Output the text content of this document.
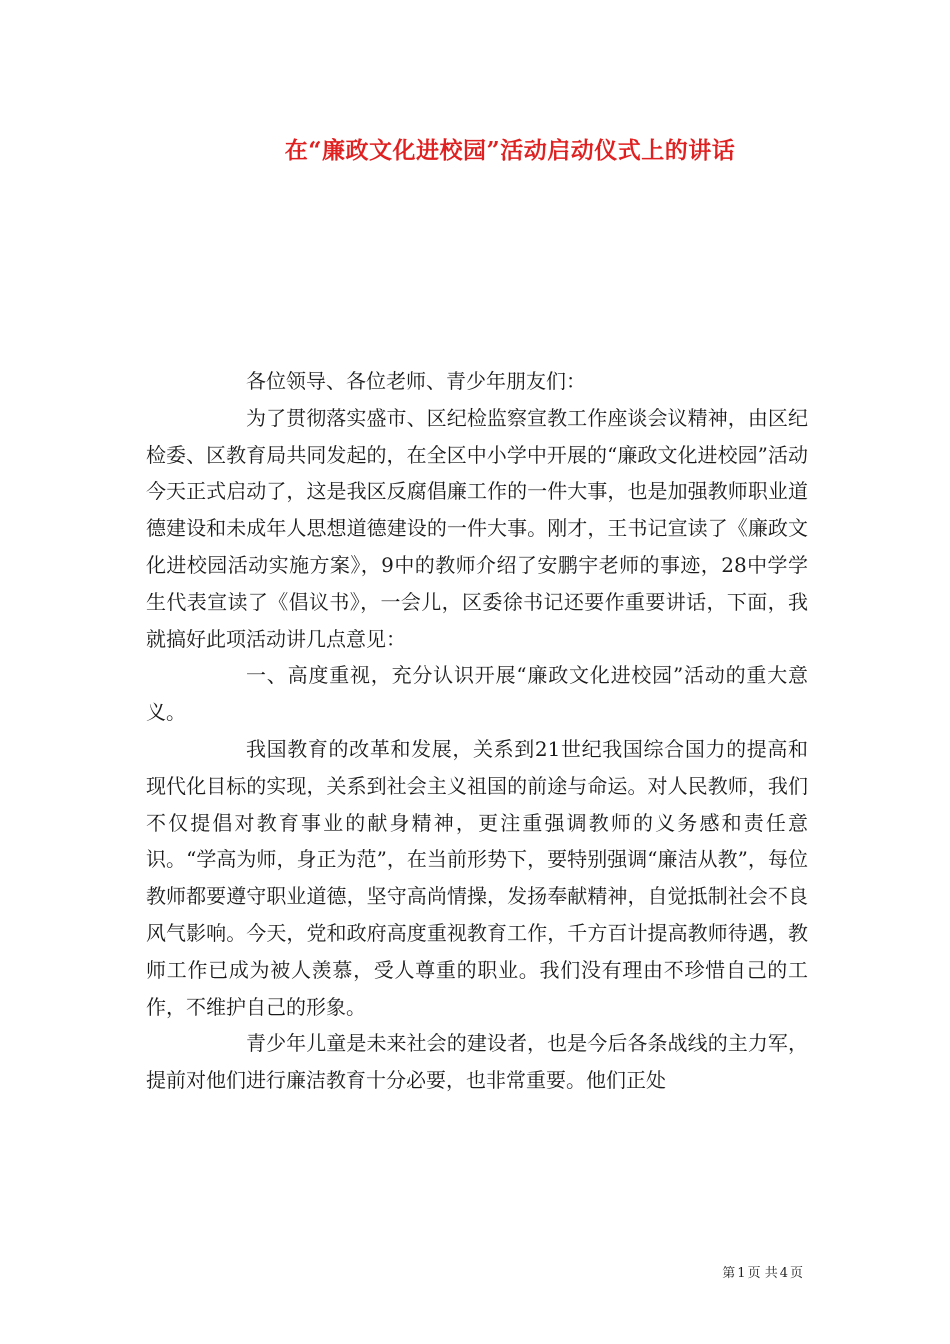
在“廉政文化进校园”活动启动仪式上的讲话

各位领导、各位老师、青少年朋友们：

为了贯彻落实盛市、区纪检监察宣教工作座谈会议精神，由区纪检委、区教育局共同发起的，在全区中小学中开展的“廉政文化进校园”活动今天正式启动了，这是我区反腐倡廉工作的一件大事，也是加强教师职业道德建设和未成年人思想道德建设的一件大事。刚才，王书记宣读了《廉政文化进校园活动实施方案》，9中的教师介绍了安鹏宇老师的事迹，28中学学生代表宣读了《倡议书》，一会儿，区委徐书记还要作重要讲话，下面，我就搞好此项活动讲几点意见：

一、高度重视，充分认识开展“廉政文化进校园”活动的重大意义。

我国教育的改革和发展，关系到21世纪我国综合国力的提高和现代化目标的实现，关系到社会主义祖国的前途与命运。对人民教师，我们不仅提倡对教育事业的献身精神，更注重强调教师的义务感和责任意识。“学高为师，身正为范”，在当前形势下，要特别强调“廉洁从教”，每位教师都要遵守职业道德，坚守高尚情操，发扬奉献精神，自觉抵制社会不良风气影响。今天，党和政府高度重视教育工作，千方百计提高教师待遇，教师工作已成为被人羡慕，受人尊重的职业。我们没有理由不珍惜自己的工作，不维护自己的形象。

青少年儿童是未来社会的建设者，也是今后各条战线的主力军，提前对他们进行廉洁教育十分必要，也非常重要。他们正处

第 1 页 共 4 页
